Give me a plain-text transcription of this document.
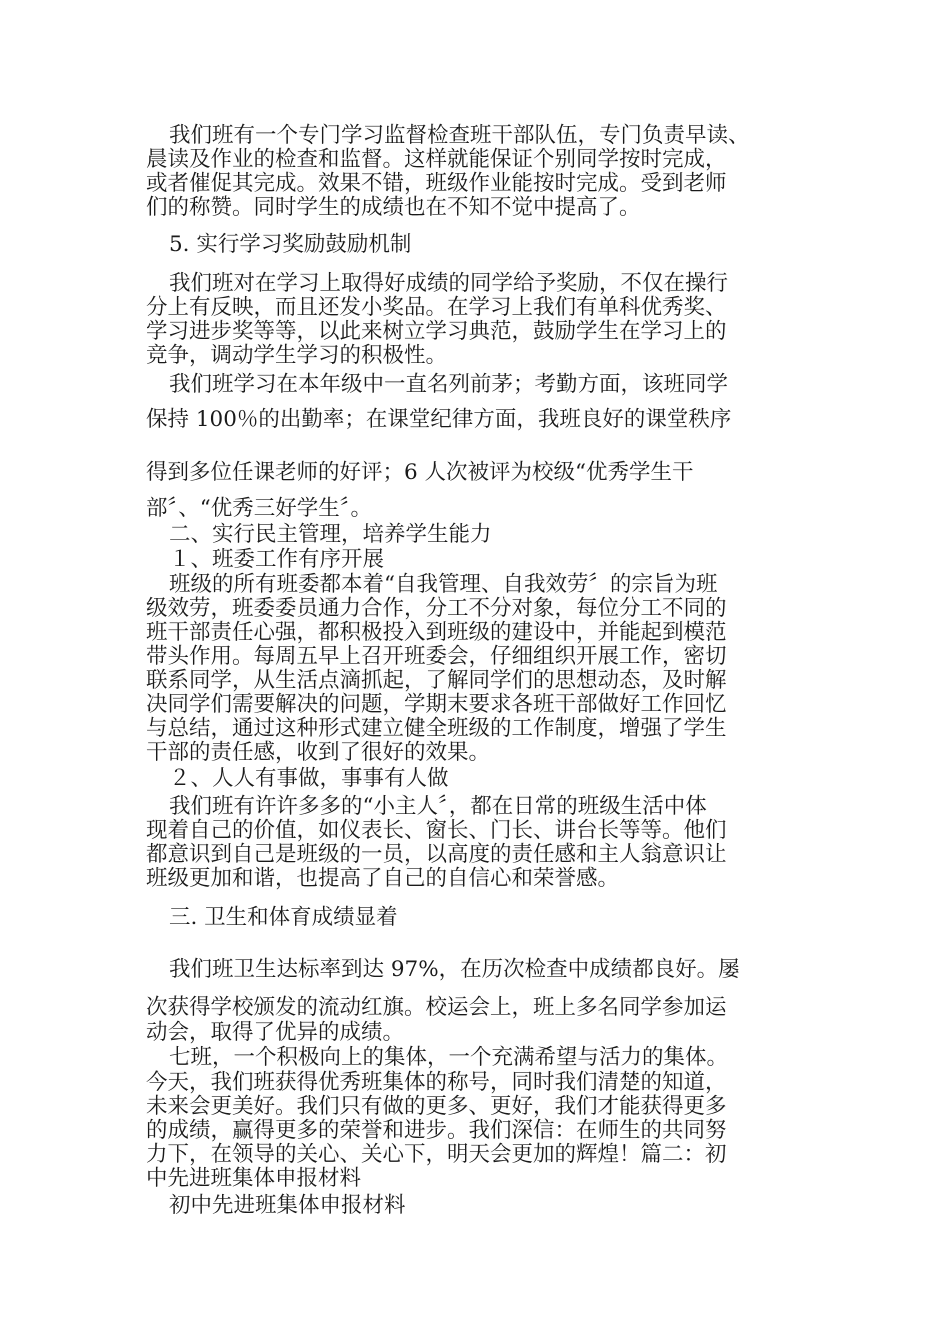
我们班有一个专门学习监督检查班干部队伍，专门负责早读、

晨读及作业的检查和监督。这样就能保证个别同学按时完成，

或者催促其完成。效果不错，班级作业能按时完成。受到老师

们的称赞。同时学生的成绩也在不知不觉中提高了。

5. 实行学习奖励鼓励机制

我们班对在学习上取得好成绩的同学给予奖励，不仅在操行

分上有反映，而且还发小奖品。在学习上我们有单科优秀奖、

学习进步奖等等，以此来树立学习典范，鼓励学生在学习上的

竞争，调动学生学习的积极性。

我们班学习在本年级中一直名列前茅；考勤方面，该班同学

保持 100％的出勤率；在课堂纪律方面，我班良好的课堂秩序

得到多位任课老师的好评；6 人次被评为校级“优秀学生干

部〞、“优秀三好学生〞。

二、实行民主管理，培养学生能力

１、班委工作有序开展

班级的所有班委都本着“自我管理、自我效劳〞的宗旨为班

级效劳，班委委员通力合作，分工不分对象，每位分工不同的

班干部责任心强，都积极投入到班级的建设中，并能起到模范

带头作用。每周五早上召开班委会，仔细组织开展工作，密切

联系同学，从生活点滴抓起，了解同学们的思想动态，及时解

决同学们需要解决的问题，学期末要求各班干部做好工作回忆

与总结，通过这种形式建立健全班级的工作制度，增强了学生

干部的责任感，收到了很好的效果。

２、人人有事做，事事有人做

我们班有许许多多的“小主人〞，都在日常的班级生活中体

现着自己的价值，如仪表长、窗长、门长、讲台长等等。他们

都意识到自己是班级的一员，以高度的责任感和主人翁意识让

班级更加和谐，也提高了自己的自信心和荣誉感。

三. 卫生和体育成绩显着

我们班卫生达标率到达 97%，在历次检查中成绩都良好。屡

次获得学校颁发的流动红旗。校运会上，班上多名同学参加运

动会，取得了优异的成绩。

七班，一个积极向上的集体，一个充满希望与活力的集体。

今天，我们班获得优秀班集体的称号，同时我们清楚的知道，

未来会更美好。我们只有做的更多、更好，我们才能获得更多

的成绩，赢得更多的荣誉和进步。我们深信：在师生的共同努

力下，在领导的关心、关心下，明天会更加的辉煌！篇二：初

中先进班集体申报材料

初中先进班集体申报材料
